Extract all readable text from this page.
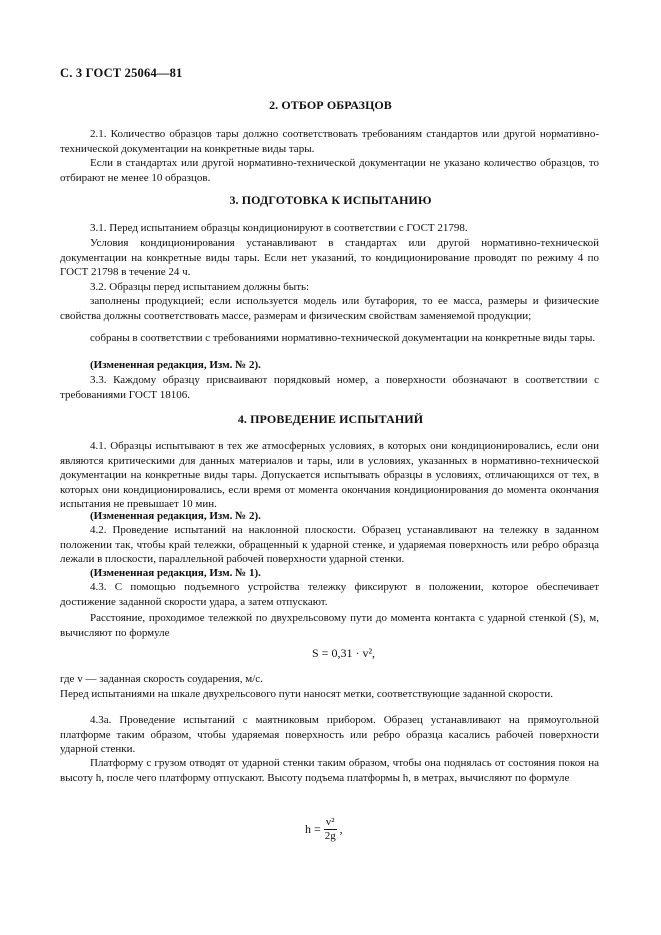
С. 3 ГОСТ 25064—81
2. ОТБОР ОБРАЗЦОВ
2.1. Количество образцов тары должно соответствовать требованиям стандартов или другой нормативно-технической документации на конкретные виды тары.
Если в стандартах или другой нормативно-технической документации не указано количество образцов, то отбирают не менее 10 образцов.
3. ПОДГОТОВКА К ИСПЫТАНИЮ
3.1. Перед испытанием образцы кондиционируют в соответствии с ГОСТ 21798.
Условия кондиционирования устанавливают в стандартах или другой нормативно-технической документации на конкретные виды тары. Если нет указаний, то кондиционирование проводят по режиму 4 по ГОСТ 21798 в течение 24 ч.
3.2. Образцы перед испытанием должны быть:
заполнены продукцией; если используется модель или бутафория, то ее масса, размеры и физические свойства должны соответствовать массе, размерам и физическим свойствам заменяемой продукции;
собраны в соответствии с требованиями нормативно-технической документации на конкретные виды тары.
(Измененная редакция, Изм. № 2).
3.3. Каждому образцу присваивают порядковый номер, а поверхности обозначают в соответствии с требованиями ГОСТ 18106.
4. ПРОВЕДЕНИЕ ИСПЫТАНИЙ
4.1. Образцы испытывают в тех же атмосферных условиях, в которых они кондиционировались, если они являются критическими для данных материалов и тары, или в условиях, указанных в нормативно-технической документации на конкретные виды тары. Допускается испытывать образцы в условиях, отличающихся от тех, в которых они кондиционировались, если время от момента окончания кондиционирования до момента окончания испытания не превышает 10 мин.
(Измененная редакция, Изм. № 2).
4.2. Проведение испытаний на наклонной плоскости. Образец устанавливают на тележку в заданном положении так, чтобы край тележки, обращенный к ударной стенке, и ударяемая поверхность или ребро образца лежали в плоскости, параллельной рабочей поверхности ударной стенки.
(Измененная редакция, Изм. № 1).
4.3. С помощью подъемного устройства тележку фиксируют в положении, которое обеспечивает достижение заданной скорости удара, а затем отпускают.
Расстояние, проходимое тележкой по двухрельсовому пути до момента контакта с ударной стенкой (S), м, вычисляют по формуле
S = 0,31 · v²,
где v — заданная скорость соударения, м/с.
Перед испытаниями на шкале двухрельсового пути наносят метки, соответствующие заданной скорости.
4.3а. Проведение испытаний с маятниковым прибором. Образец устанавливают на прямоугольной платформе таким образом, чтобы ударяемая поверхность или ребро образца касались рабочей поверхности ударной стенки.
Платформу с грузом отводят от ударной стенки таким образом, чтобы она поднялась от состояния покоя на высоту h, после чего платформу отпускают. Высоту подъема платформы h, в метрах, вычисляют по формуле
$h = \frac{\text{v²}}{2g}$ ,
